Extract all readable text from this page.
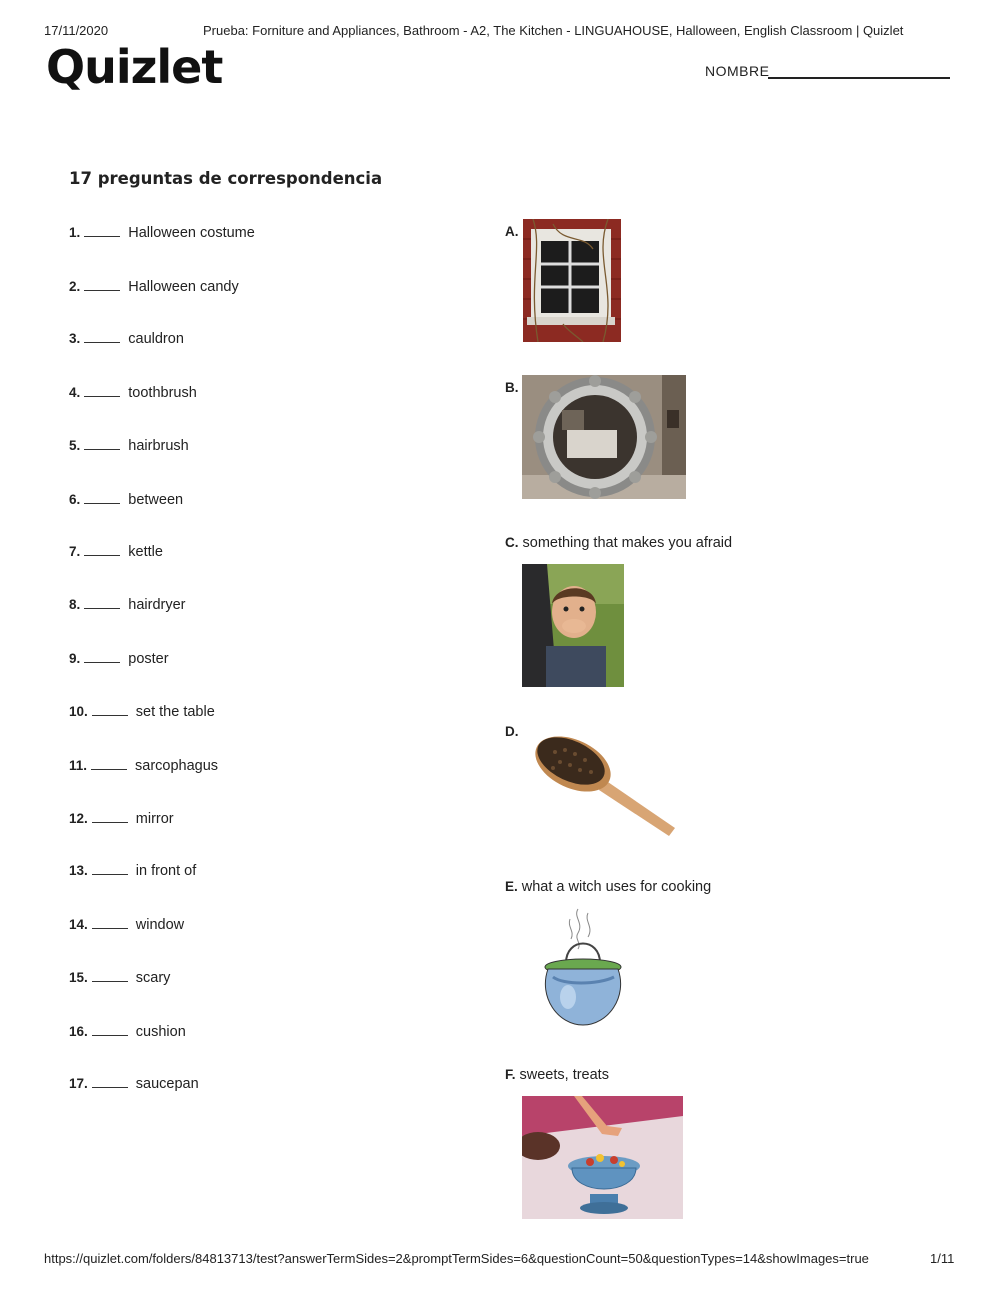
17/11/2020	Prueba: Forniture and Appliances, Bathroom - A2, The Kitchen - LINGUAHOUSE, Halloween, English Classroom | Quizlet
Quizlet	NOMBRE
17 preguntas de correspondencia
1.	Halloween costume
2.	Halloween candy
3.	cauldron
4.	toothbrush
5.	hairbrush
6.	between
7.	kettle
8.	hairdryer
9.	poster
10.	set the table
11.	sarcophagus
12.	mirror
13.	in front of
14.	window
15.	scary
16.	cushion
17.	saucepan
A.
B.
C. something that makes you afraid
D.
E. what a witch uses for cooking
F. sweets, treats
https://quizlet.com/folders/84813713/test?answerTermSides=2&promptTermSides=6&questionCount=50&questionTypes=14&showImages=true	1/11
